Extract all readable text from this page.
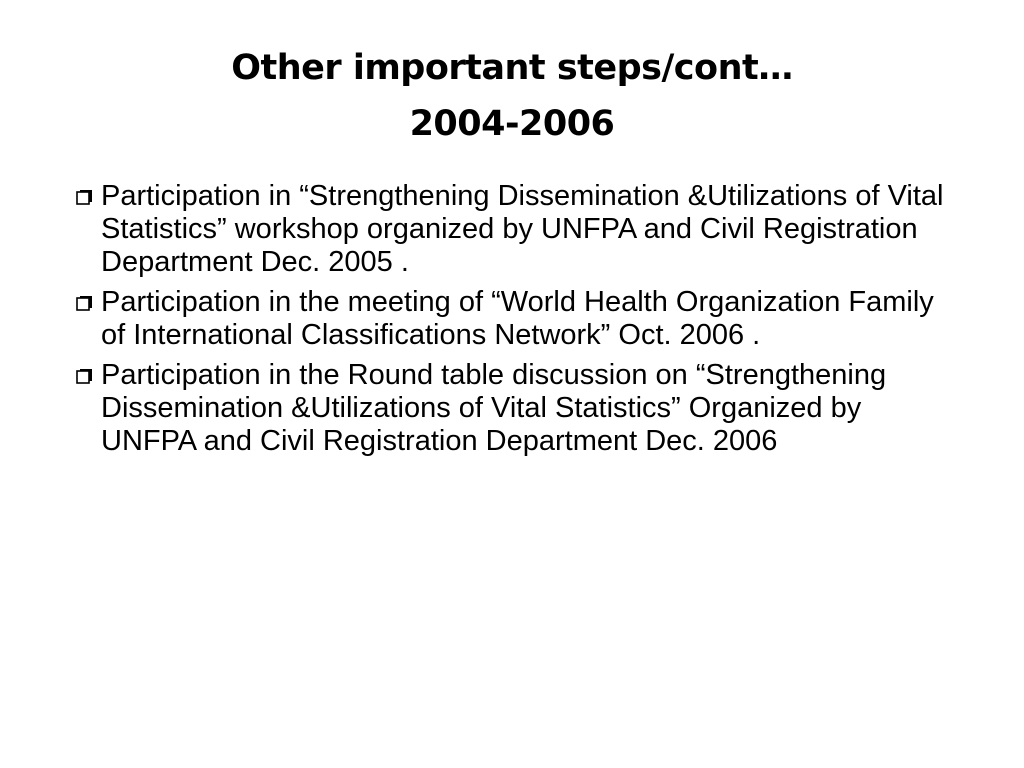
Other important steps/cont…
2004-2006
Participation in “Strengthening Dissemination &Utilizations of Vital Statistics” workshop organized by UNFPA and Civil Registration Department Dec. 2005 .
Participation in the meeting of “World Health Organization Family of International Classifications Network” Oct. 2006 .
Participation in the Round table discussion on “Strengthening Dissemination &Utilizations of Vital Statistics” Organized by UNFPA and Civil Registration Department Dec. 2006
